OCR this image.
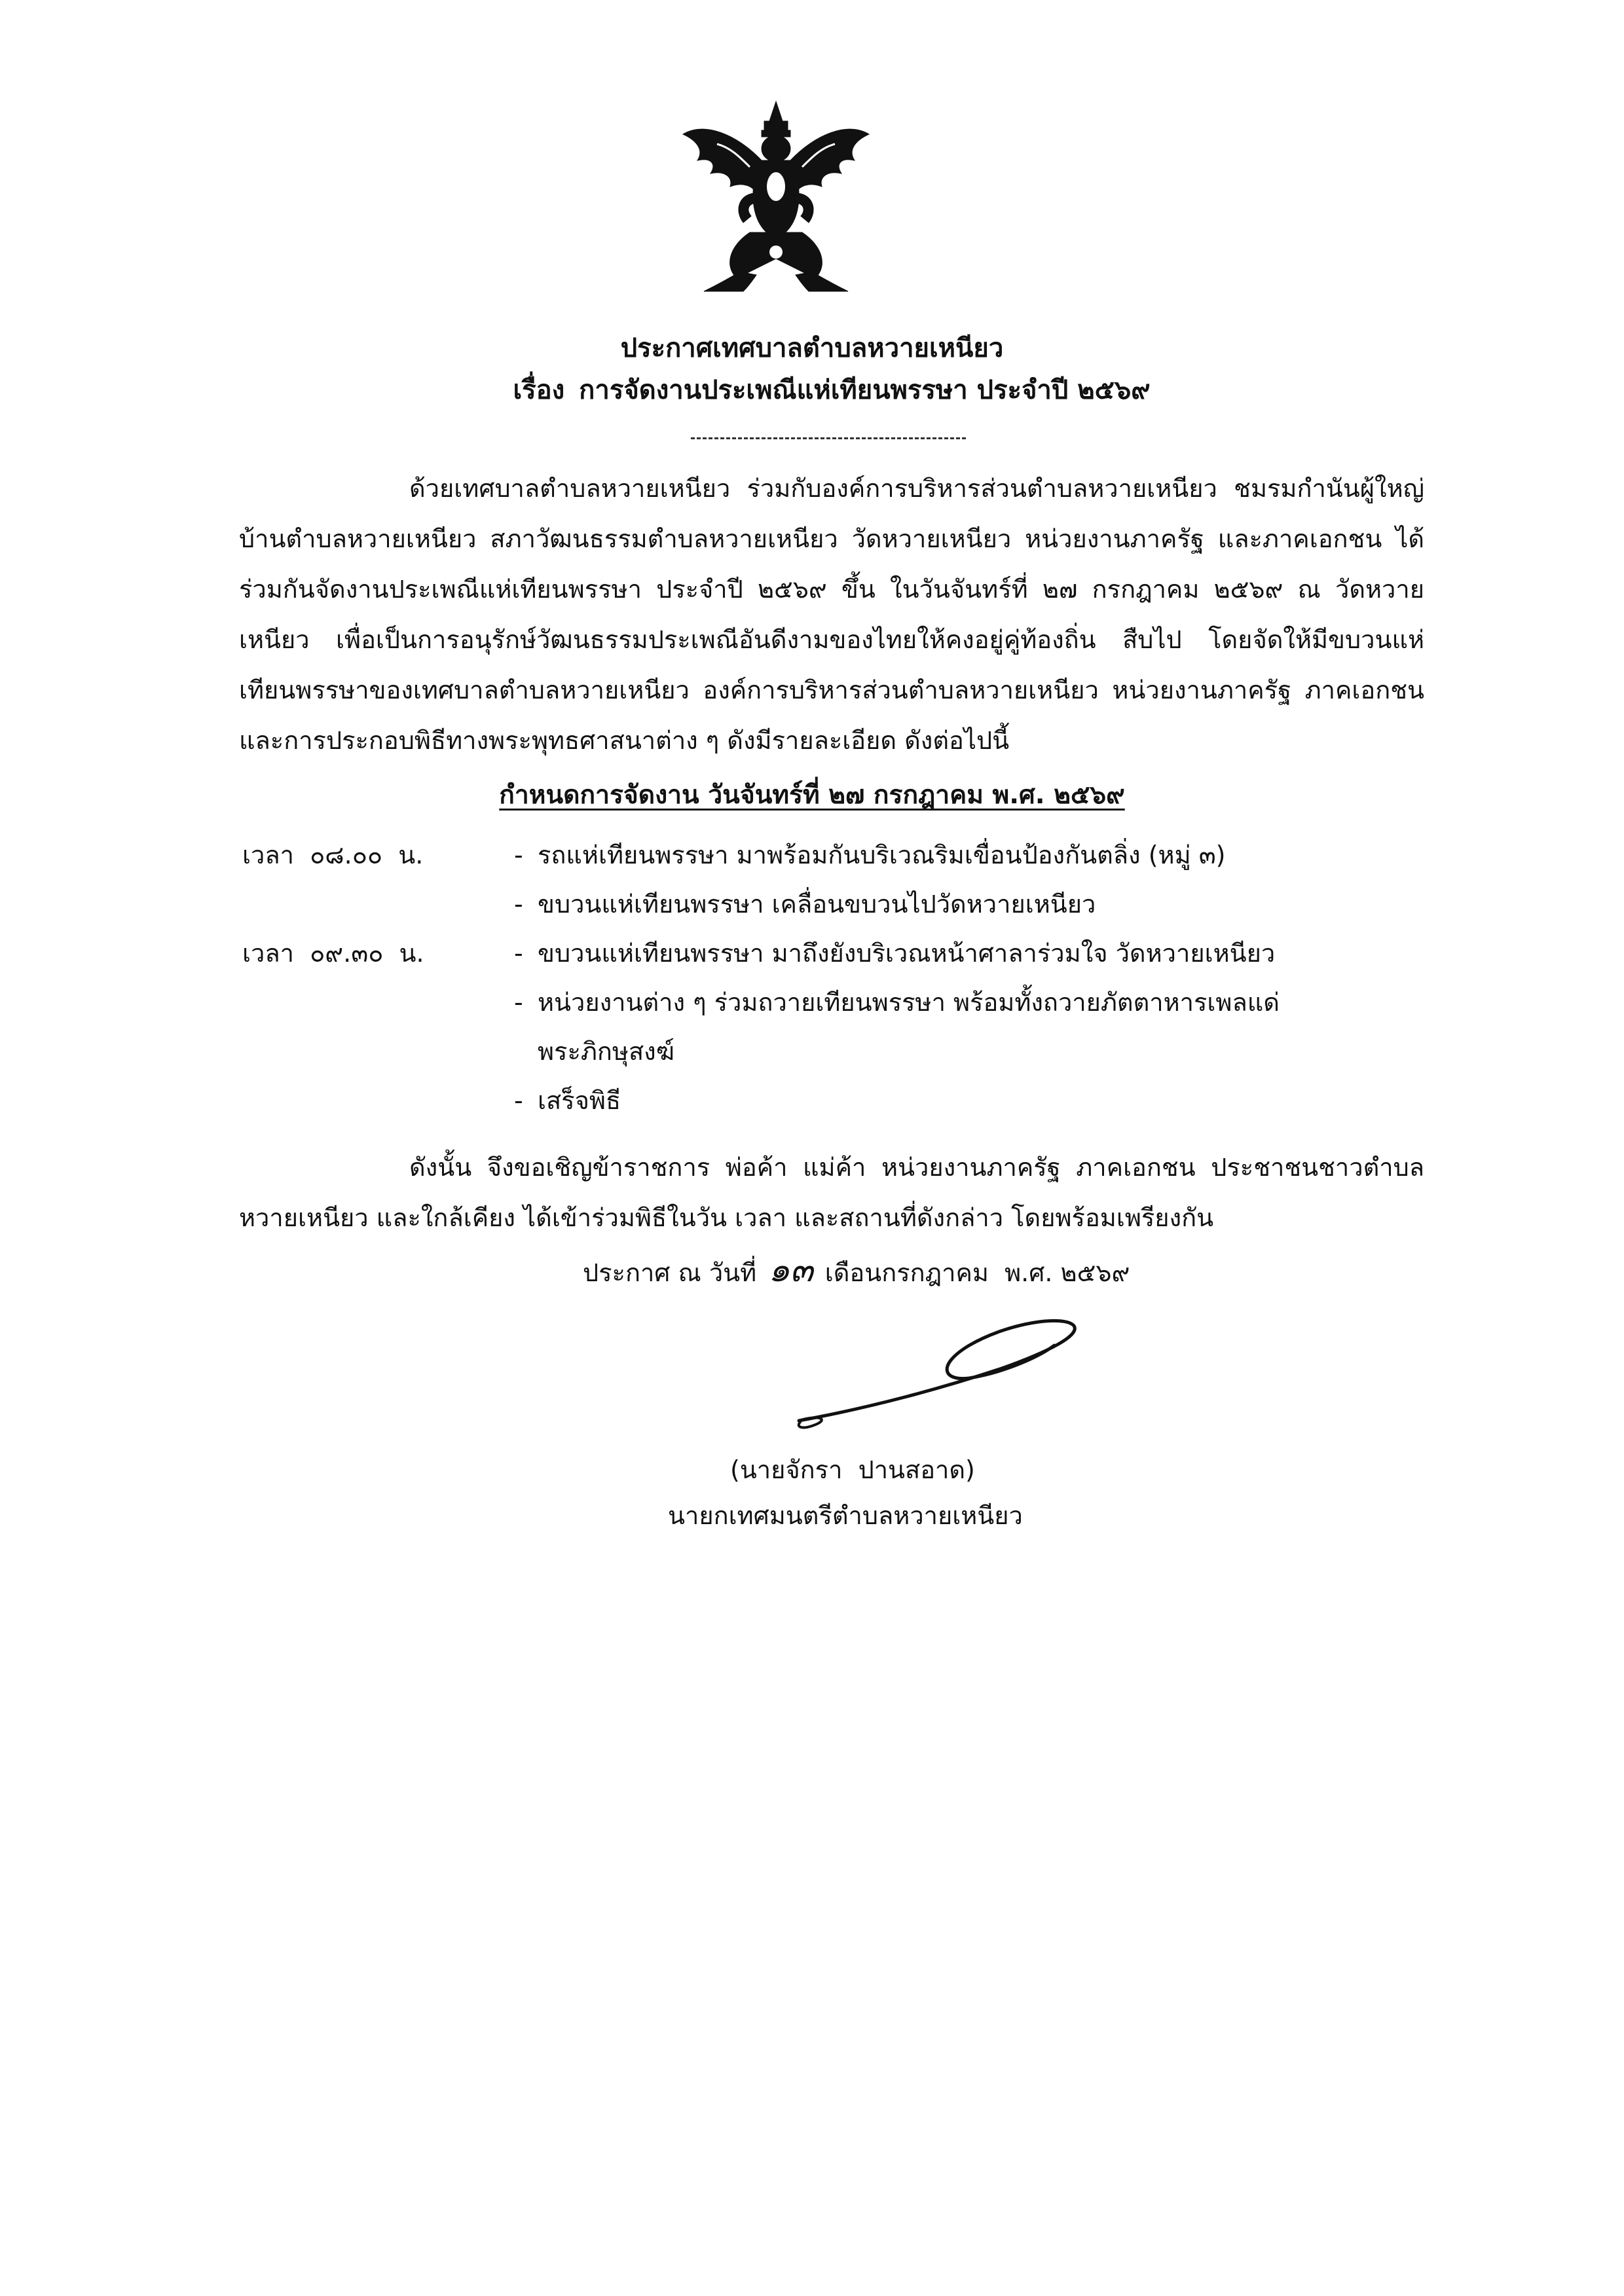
ประกาศเทศบาลตำบลหวายเหนียว
เรื่อง การจัดงานประเพณีแห่เทียนพรรษา ประจำปี ๒๕๖๙

ด้วยเทศบาลตำบลหวายเหนียว ร่วมกับองค์การบริหารส่วนตำบลหวายเหนียว ชมรมกำนันผู้ใหญ่บ้านตำบลหวายเหนียว สภาวัฒนธรรมตำบลหวายเหนียว วัดหวายเหนียว หน่วยงานภาครัฐ และภาคเอกชน ได้ร่วมกันจัดงานประเพณีแห่เทียนพรรษา ประจำปี ๒๕๖๙ ขึ้น ในวันจันทร์ที่ ๒๗ กรกฎาคม ๒๕๖๙ ณ วัดหวายเหนียว เพื่อเป็นการอนุรักษ์วัฒนธรรมประเพณีอันดีงามของไทยให้คงอยู่คู่ท้องถิ่น สืบไป โดยจัดให้มีขบวนแห่เทียนพรรษาของเทศบาลตำบลหวายเหนียว องค์การบริหารส่วนตำบลหวายเหนียว หน่วยงานภาครัฐ ภาคเอกชน และการประกอบพิธีทางพระพุทธศาสนาต่าง ๆ ดังมีรายละเอียด ดังต่อไปนี้

กำหนดการจัดงาน วันจันทร์ที่ ๒๗ กรกฎาคม พ.ศ. ๒๕๖๙
เวลา  ๐๘.๐๐  น.	- รถแห่เทียนพรรษา มาพร้อมกันบริเวณริมเขื่อนป้องกันตลิ่ง (หมู่ ๓)
- ขบวนแห่เทียนพรรษา เคลื่อนขบวนไปวัดหวายเหนียว
เวลา  ๐๙.๓๐  น.	- ขบวนแห่เทียนพรรษา มาถึงยังบริเวณหน้าศาลาร่วมใจ วัดหวายเหนียว
- หน่วยงานต่าง ๆ ร่วมถวายเทียนพรรษา พร้อมทั้งถวายภัตตาหารเพลแด่
พระภิกษุสงฆ์
- เสร็จพิธี

ดังนั้น จึงขอเชิญข้าราชการ พ่อค้า แม่ค้า หน่วยงานภาครัฐ ภาคเอกชน ประชาชนชาวตำบลหวายเหนียว และใกล้เคียง ได้เข้าร่วมพิธีในวัน เวลา และสถานที่ดังกล่าว โดยพร้อมเพรียงกัน

ประกาศ ณ วันที่ ๑๓ เดือนกรกฎาคม  พ.ศ. ๒๕๖๙
(นายจักรา  ปานสอาด)
นายกเทศมนตรีตำบลหวายเหนียว
